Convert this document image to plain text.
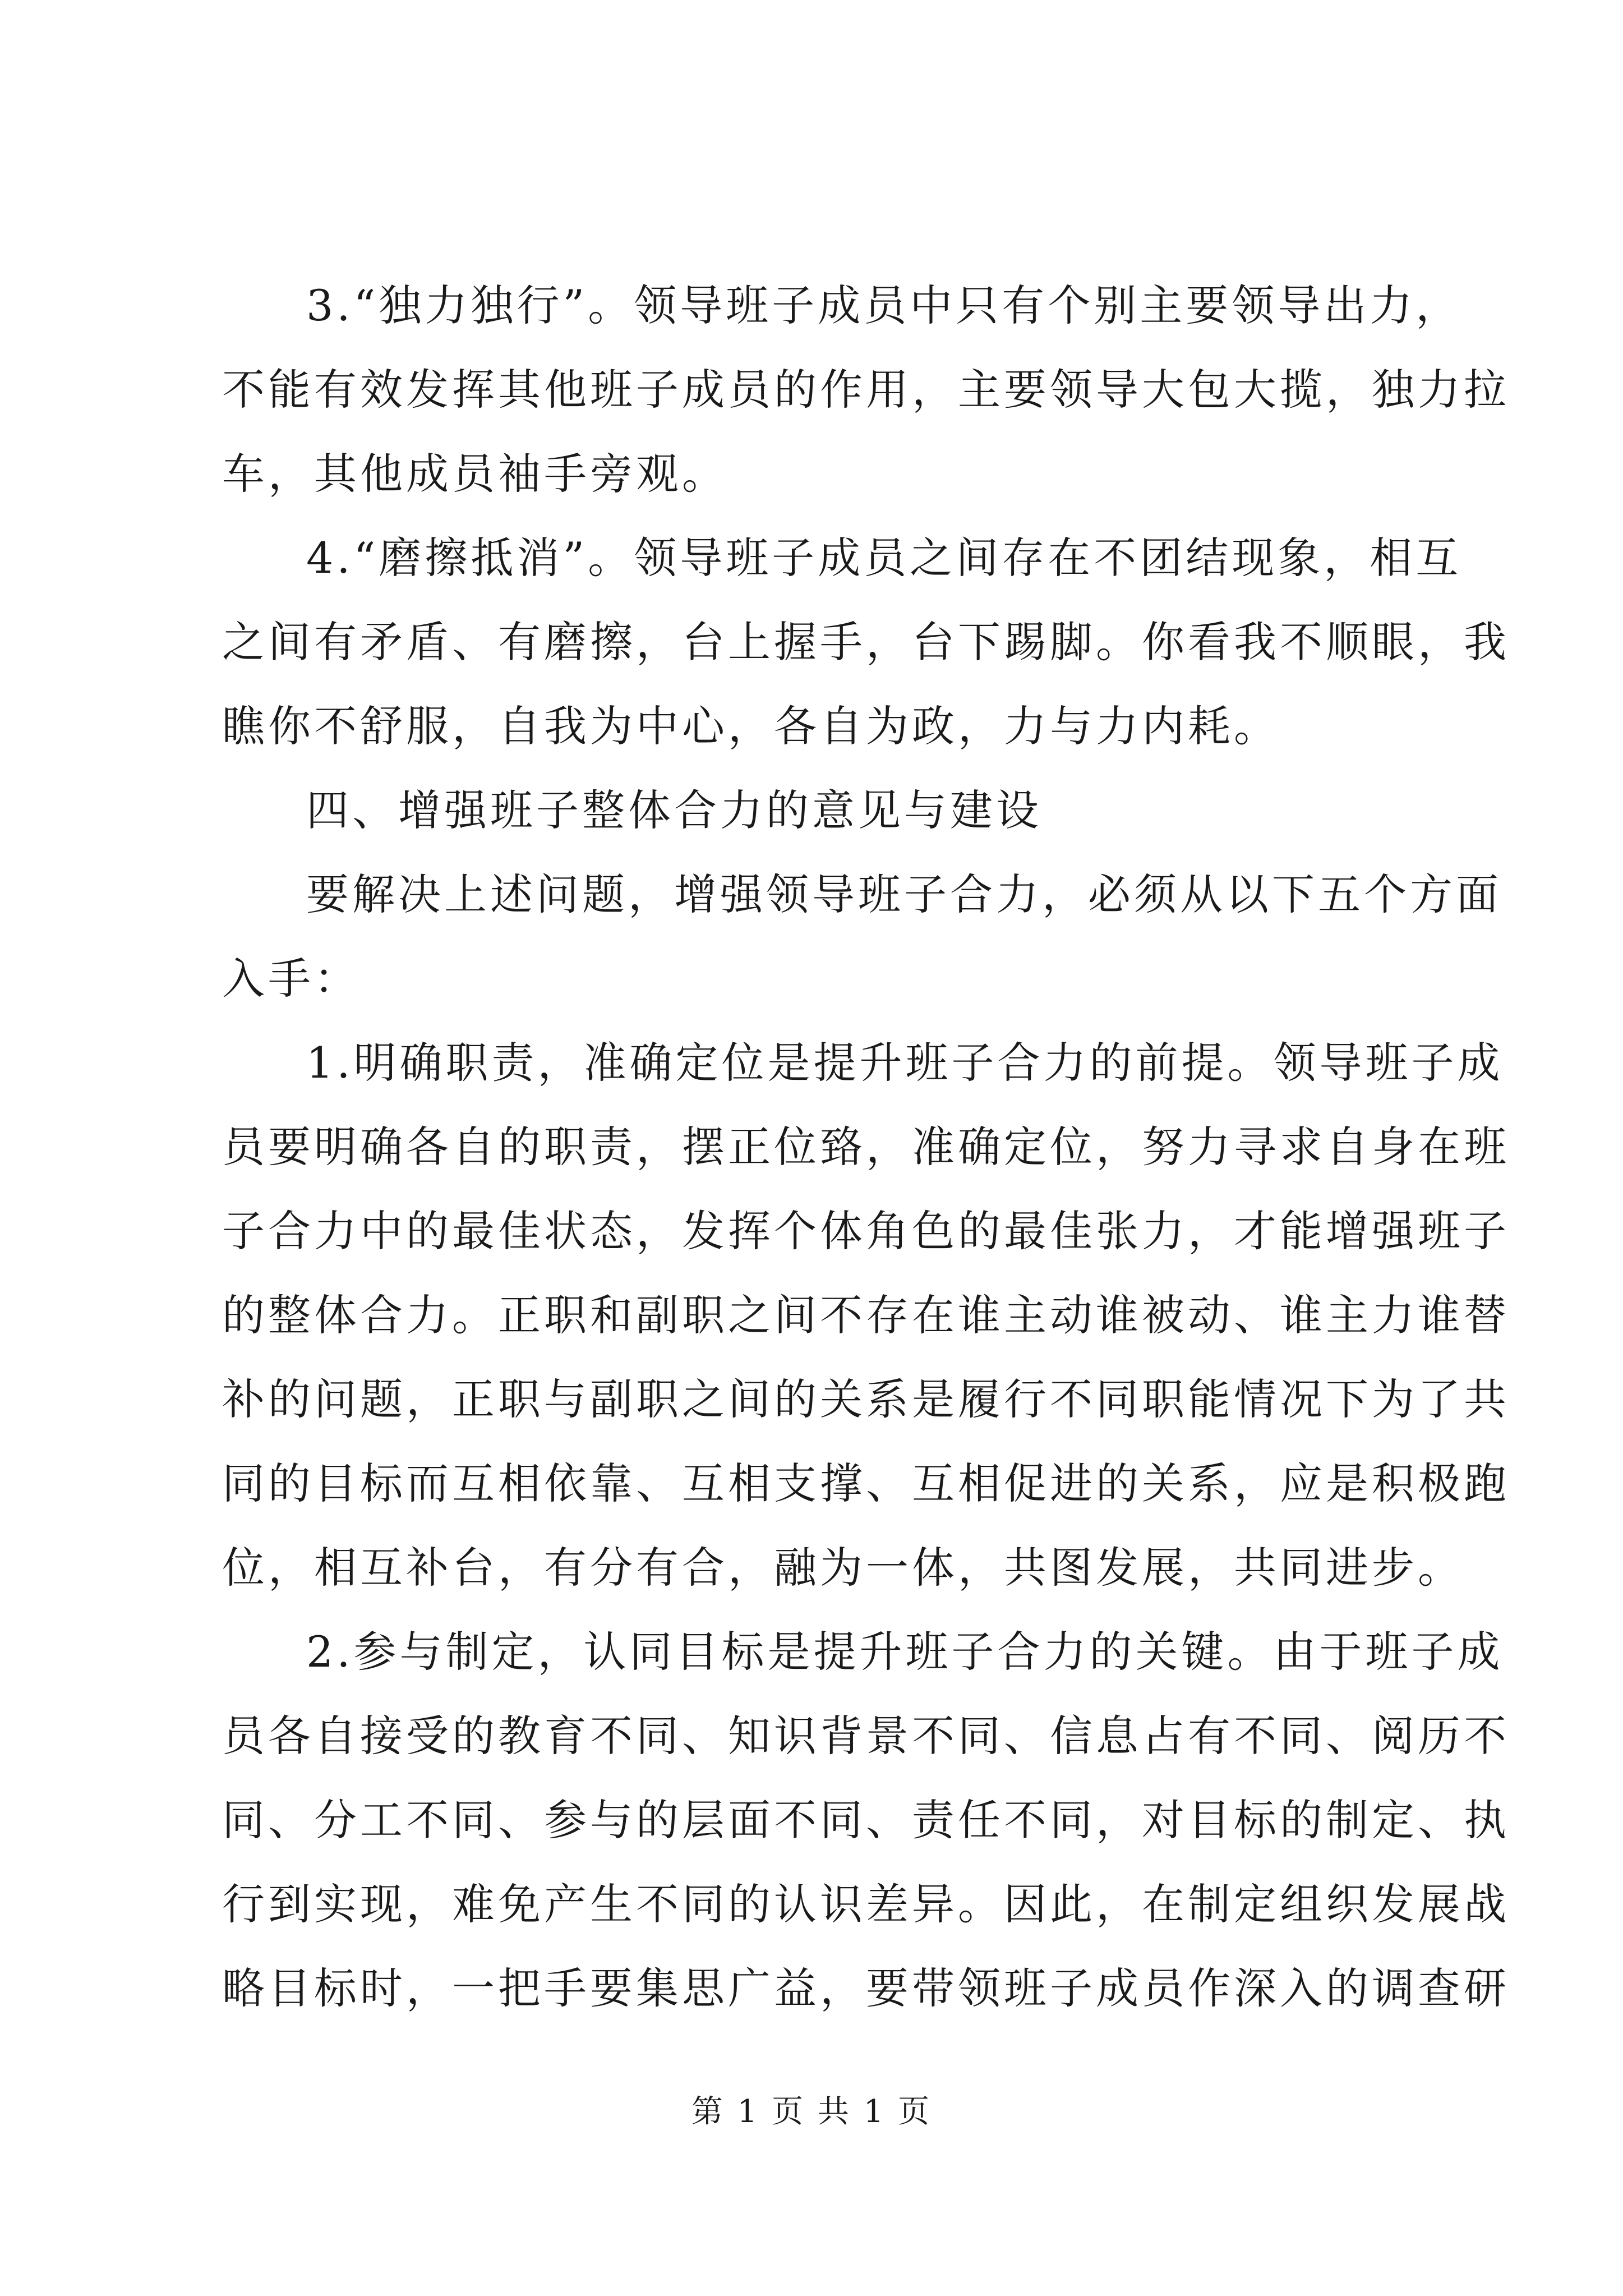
3.“独力独行”。领导班子成员中只有个别主要领导出力，
不能有效发挥其他班子成员的作用，主要领导大包大揽，独力拉
车，其他成员袖手旁观。
4.“磨擦抵消”。领导班子成员之间存在不团结现象，相互
之间有矛盾、有磨擦，台上握手，台下踢脚。你看我不顺眼，我
瞧你不舒服，自我为中心，各自为政，力与力内耗。
四、增强班子整体合力的意见与建设
要解决上述问题，增强领导班子合力，必须从以下五个方面
入手：
1.明确职责，准确定位是提升班子合力的前提。领导班子成
员要明确各自的职责，摆正位臵，准确定位，努力寻求自身在班
子合力中的最佳状态，发挥个体角色的最佳张力，才能增强班子
的整体合力。正职和副职之间不存在谁主动谁被动、谁主力谁替
补的问题，正职与副职之间的关系是履行不同职能情况下为了共
同的目标而互相依靠、互相支撑、互相促进的关系，应是积极跑
位，相互补台，有分有合，融为一体，共图发展，共同进步。
2.参与制定，认同目标是提升班子合力的关键。由于班子成
员各自接受的教育不同、知识背景不同、信息占有不同、阅历不
同、分工不同、参与的层面不同、责任不同，对目标的制定、执
行到实现，难免产生不同的认识差异。因此，在制定组织发展战
略目标时，一把手要集思广益，要带领班子成员作深入的调查研
第 1 页 共 1 页
